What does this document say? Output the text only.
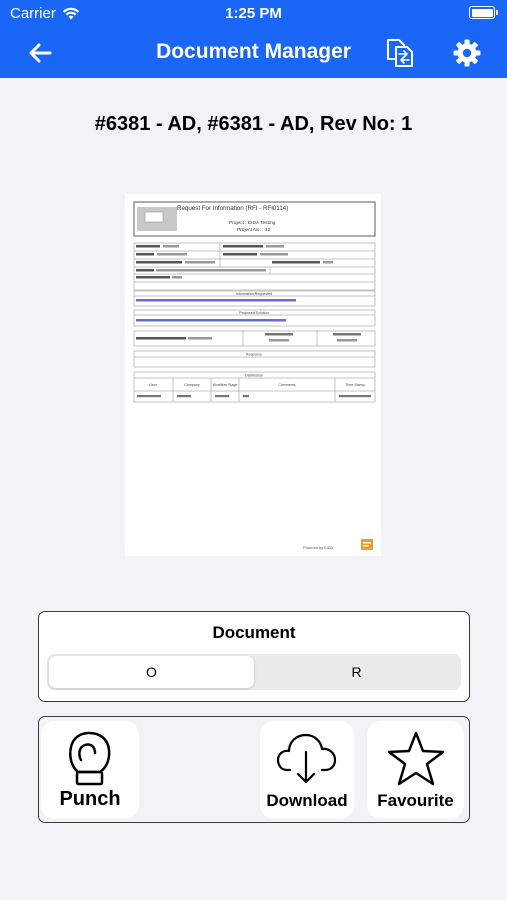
Carrier	1:25 PM
Document Manager
#6381 - AD, #6381 - AD, Rev No: 1
Request For Information (RFI - RFI0114)
Project : EIDA Testing
Project No. : 32
Information Requested
Proposed Solution
Response
Distribution
User	Company	Workflow Stage	Comments	Time Stamp
Powered by EIDA
Document
O	R
Punch	Download	Favourite
